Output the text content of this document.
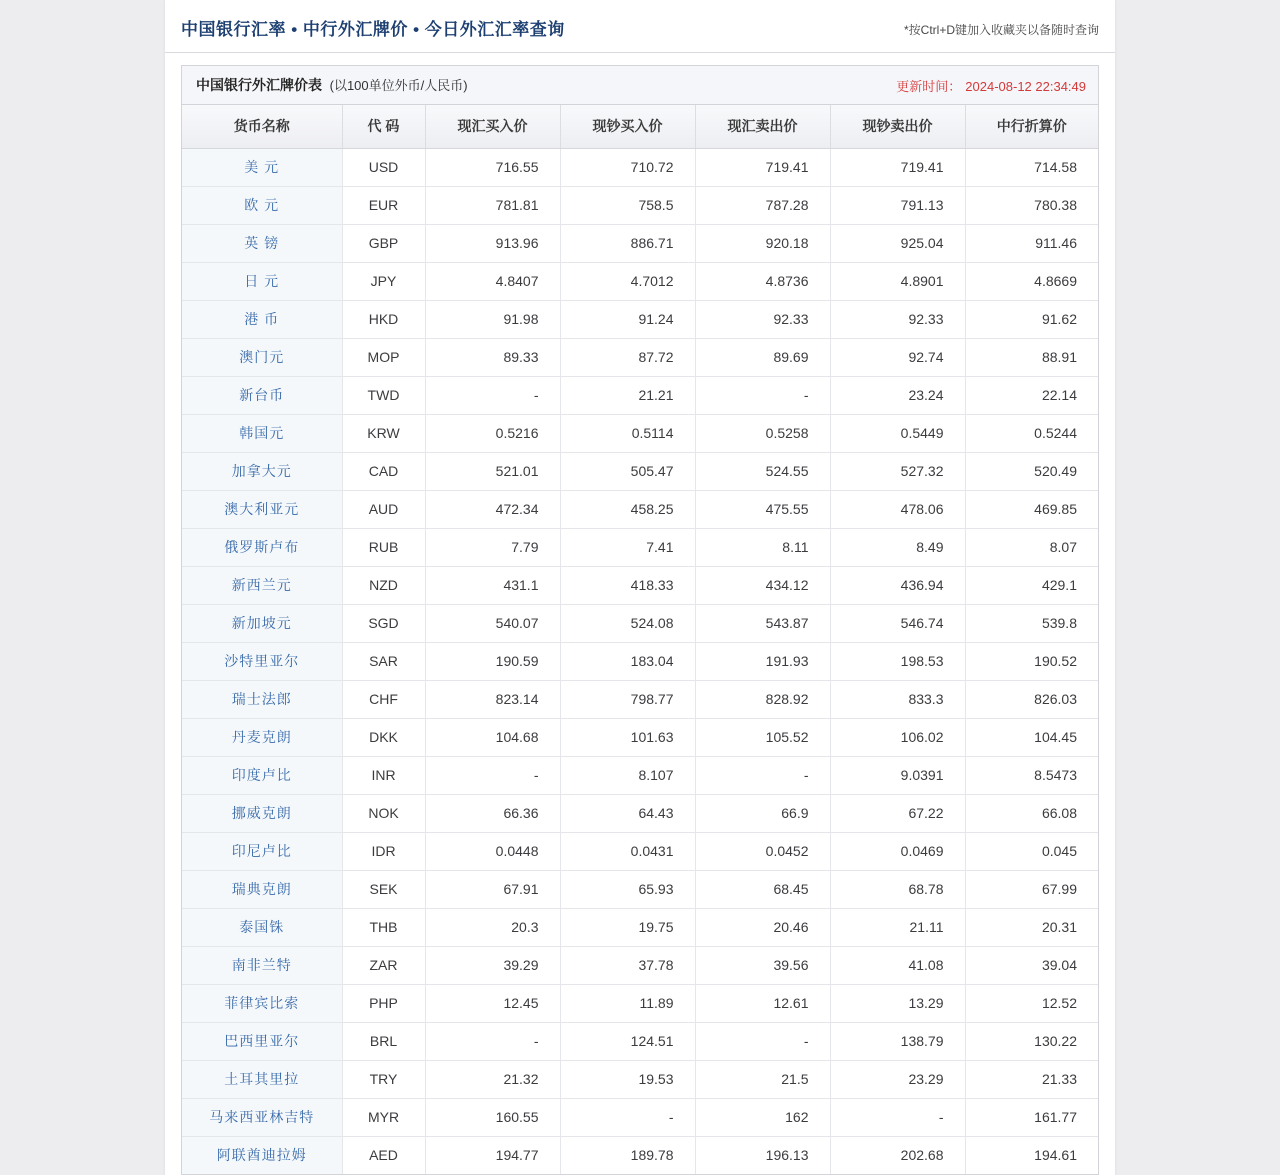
中国银行汇率 • 中行外汇牌价 • 今日外汇汇率查询	*按Ctrl+D键加入收藏夹以备随时查询
中国银行外汇牌价表 (以100单位外币/人民币)	更新时间： 2024-08-12 22:34:49
货币名称	代 码	现汇买入价	现钞买入价	现汇卖出价	现钞卖出价	中行折算价
美 元	USD	716.55	710.72	719.41	719.41	714.58
欧 元	EUR	781.81	758.5	787.28	791.13	780.38
英 镑	GBP	913.96	886.71	920.18	925.04	911.46
日 元	JPY	4.8407	4.7012	4.8736	4.8901	4.8669
港 币	HKD	91.98	91.24	92.33	92.33	91.62
澳门元	MOP	89.33	87.72	89.69	92.74	88.91
新台币	TWD	-	21.21	-	23.24	22.14
韩国元	KRW	0.5216	0.5114	0.5258	0.5449	0.5244
加拿大元	CAD	521.01	505.47	524.55	527.32	520.49
澳大利亚元	AUD	472.34	458.25	475.55	478.06	469.85
俄罗斯卢布	RUB	7.79	7.41	8.11	8.49	8.07
新西兰元	NZD	431.1	418.33	434.12	436.94	429.1
新加坡元	SGD	540.07	524.08	543.87	546.74	539.8
沙特里亚尔	SAR	190.59	183.04	191.93	198.53	190.52
瑞士法郎	CHF	823.14	798.77	828.92	833.3	826.03
丹麦克朗	DKK	104.68	101.63	105.52	106.02	104.45
印度卢比	INR	-	8.107	-	9.0391	8.5473
挪威克朗	NOK	66.36	64.43	66.9	67.22	66.08
印尼卢比	IDR	0.0448	0.0431	0.0452	0.0469	0.045
瑞典克朗	SEK	67.91	65.93	68.45	68.78	67.99
泰国铢	THB	20.3	19.75	20.46	21.11	20.31
南非兰特	ZAR	39.29	37.78	39.56	41.08	39.04
菲律宾比索	PHP	12.45	11.89	12.61	13.29	12.52
巴西里亚尔	BRL	-	124.51	-	138.79	130.22
土耳其里拉	TRY	21.32	19.53	21.5	23.29	21.33
马来西亚林吉特	MYR	160.55	-	162	-	161.77
阿联酋迪拉姆	AED	194.77	189.78	196.13	202.68	194.61
